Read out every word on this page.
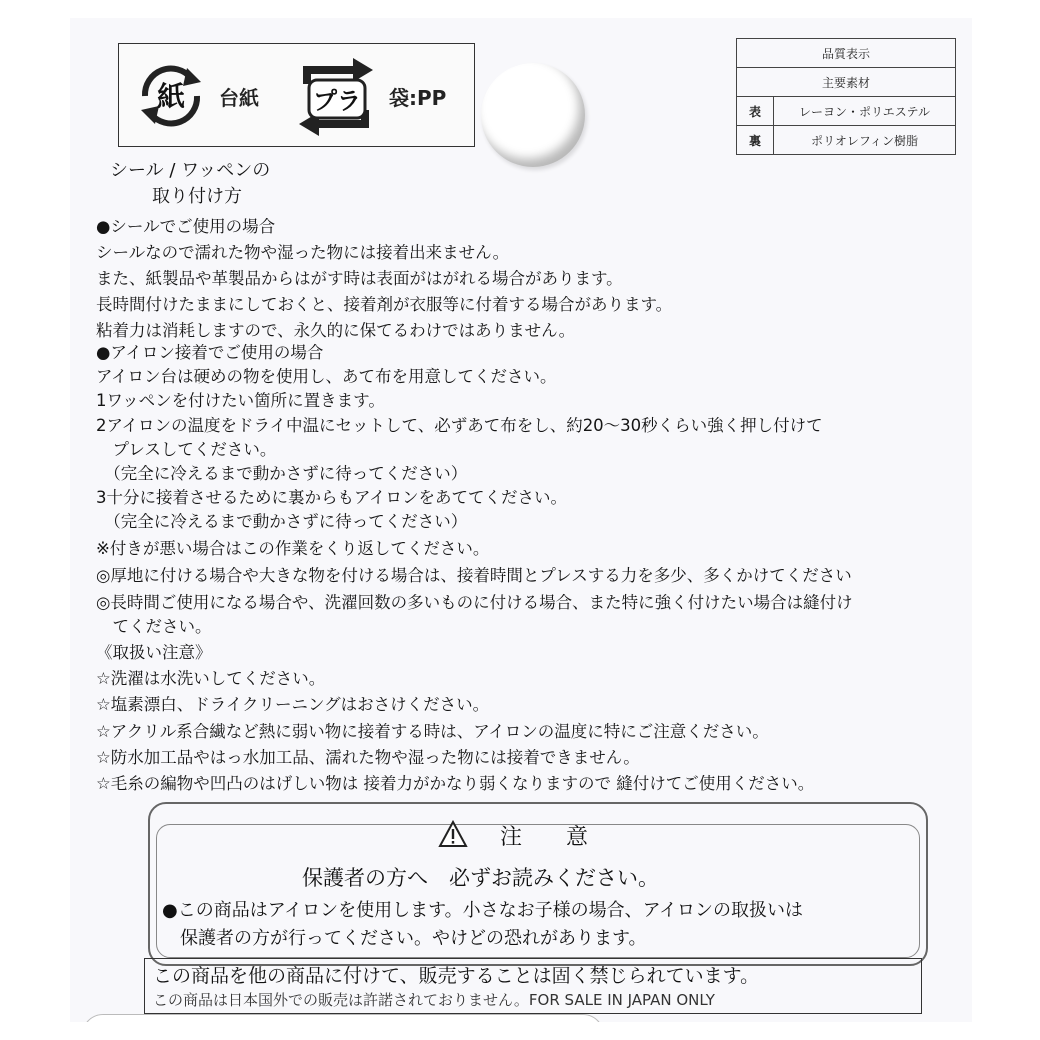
紙 台紙 プラ 袋:PP
品質表示	
主要素材	
表	レーヨン・ポリエステル
裏	ポリオレフィン樹脂
シール / ワッペンの
取り付け方
●シールでご使用の場合
シールなので濡れた物や湿った物には接着出来ません。
また、紙製品や革製品からはがす時は表面がはがれる場合があります。
長時間付けたままにしておくと、接着剤が衣服等に付着する場合があります。
粘着力は消耗しますので、永久的に保てるわけではありません。
●アイロン接着でご使用の場合
アイロン台は硬めの物を使用し、あて布を用意してください。
1ワッペンを付けたい箇所に置きます。
2アイロンの温度をドライ中温にセットして、必ずあて布をし、約20～30秒くらい強く押し付けて
　プレスしてください。
　（完全に冷えるまで動かさずに待ってください）
3十分に接着させるために裏からもアイロンをあててください。
　（完全に冷えるまで動かさずに待ってください）
※付きが悪い場合はこの作業をくり返してください。
◎厚地に付ける場合や大きな物を付ける場合は、接着時間とプレスする力を多少、多くかけてください
◎長時間ご使用になる場合や、洗濯回数の多いものに付ける場合、また特に強く付けたい場合は縫付け
　てください。
《取扱い注意》
☆洗濯は水洗いしてください。
☆塩素漂白、ドライクリーニングはおさけください。
☆アクリル系合繊など熱に弱い物に接着する時は、アイロンの温度に特にご注意ください。
☆防水加工品やはっ水加工品、濡れた物や湿った物には接着できません。
☆毛糸の編物や凹凸のはげしい物は 接着力がかなり弱くなりますので 縫付けてご使用ください。
注　　意
保護者の方へ　必ずお読みください。
●この商品はアイロンを使用します。小さなお子様の場合、アイロンの取扱いは
　保護者の方が行ってください。やけどの恐れがあります。
この商品を他の商品に付けて、販売することは固く禁じられています。
この商品は日本国外での販売は許諾されておりません。FOR SALE IN JAPAN ONLY
